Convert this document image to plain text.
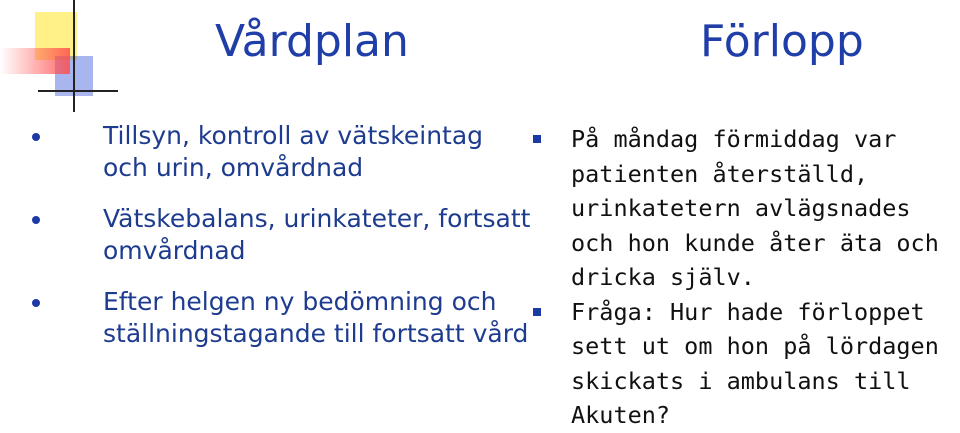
Vårdplan	Förlopp
Tillsyn, kontroll av vätskeintag och urin, omvårdnad
Vätskebalans, urinkateter, fortsatt omvårdnad
Efter helgen ny bedömning och ställningstagande till fortsatt vård
På måndag förmiddag var patienten återställd, urinkatetern avlägsnades och hon kunde åter äta och dricka själv.
Fråga: Hur hade förloppet sett ut om hon på lördagen skickats i ambulans till Akuten?
